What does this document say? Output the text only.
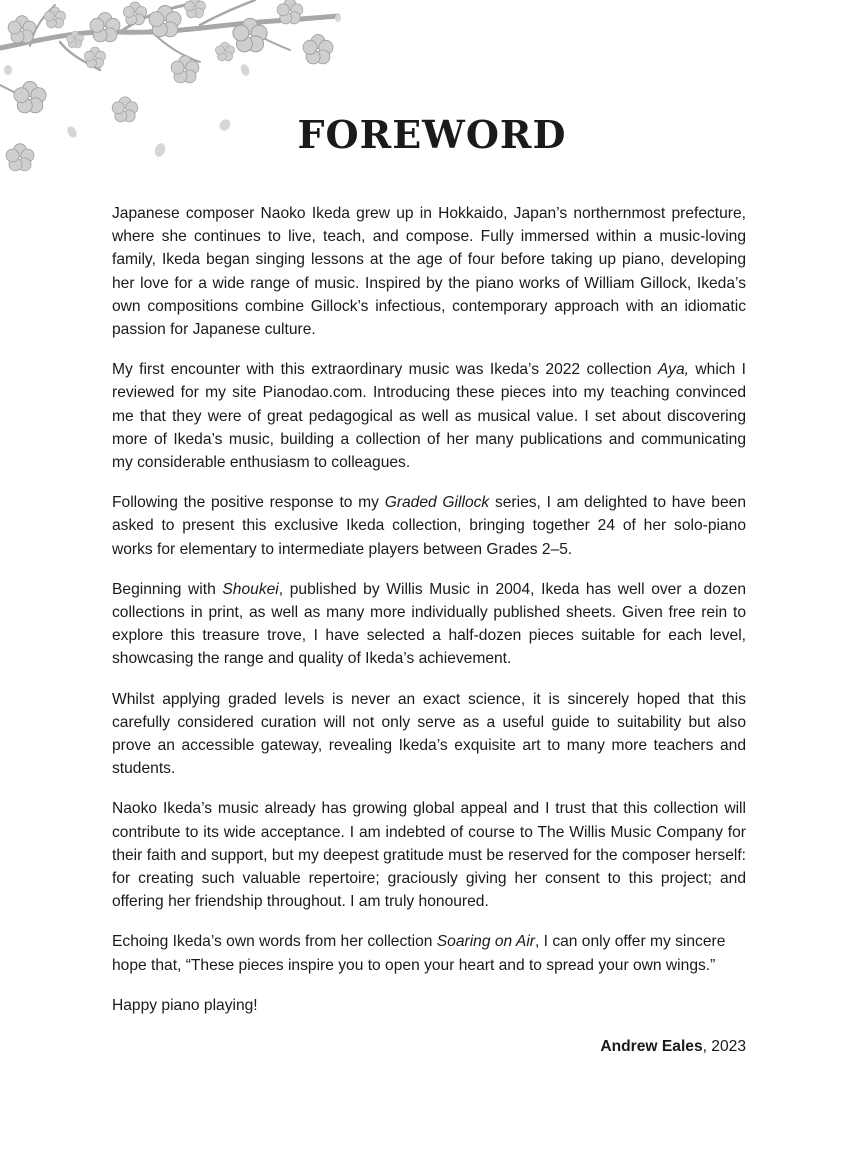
FOREWORD

Japanese composer Naoko Ikeda grew up in Hokkaido, Japan’s northernmost prefecture, where she continues to live, teach, and compose. Fully immersed within a music-loving family, Ikeda began singing lessons at the age of four before taking up piano, developing her love for a wide range of music. Inspired by the piano works of William Gillock, Ikeda’s own compositions combine Gillock’s infectious, contemporary approach with an idiomatic passion for Japanese culture.

My first encounter with this extraordinary music was Ikeda’s 2022 collection Aya, which I reviewed for my site Pianodao.com. Introducing these pieces into my teaching convinced me that they were of great pedagogical as well as musical value. I set about discovering more of Ikeda’s music, building a collection of her many publications and communicating my considerable enthusiasm to colleagues.

Following the positive response to my Graded Gillock series, I am delighted to have been asked to present this exclusive Ikeda collection, bringing together 24 of her solo-piano works for elementary to intermediate players between Grades 2–5.

Beginning with Shoukei, published by Willis Music in 2004, Ikeda has well over a dozen collections in print, as well as many more individually published sheets. Given free rein to explore this treasure trove, I have selected a half-dozen pieces suitable for each level, showcasing the range and quality of Ikeda’s achievement.

Whilst applying graded levels is never an exact science, it is sincerely hoped that this carefully considered curation will not only serve as a useful guide to suitability but also prove an accessible gateway, revealing Ikeda’s exquisite art to many more teachers and students.

Naoko Ikeda’s music already has growing global appeal and I trust that this collection will contribute to its wide acceptance. I am indebted of course to The Willis Music Company for their faith and support, but my deepest gratitude must be reserved for the composer herself: for creating such valuable repertoire; graciously giving her consent to this project; and offering her friendship throughout. I am truly honoured.

Echoing Ikeda’s own words from her collection Soaring on Air, I can only offer my sincere hope that, “These pieces inspire you to open your heart and to spread your own wings.”

Happy piano playing!

Andrew Eales, 2023
